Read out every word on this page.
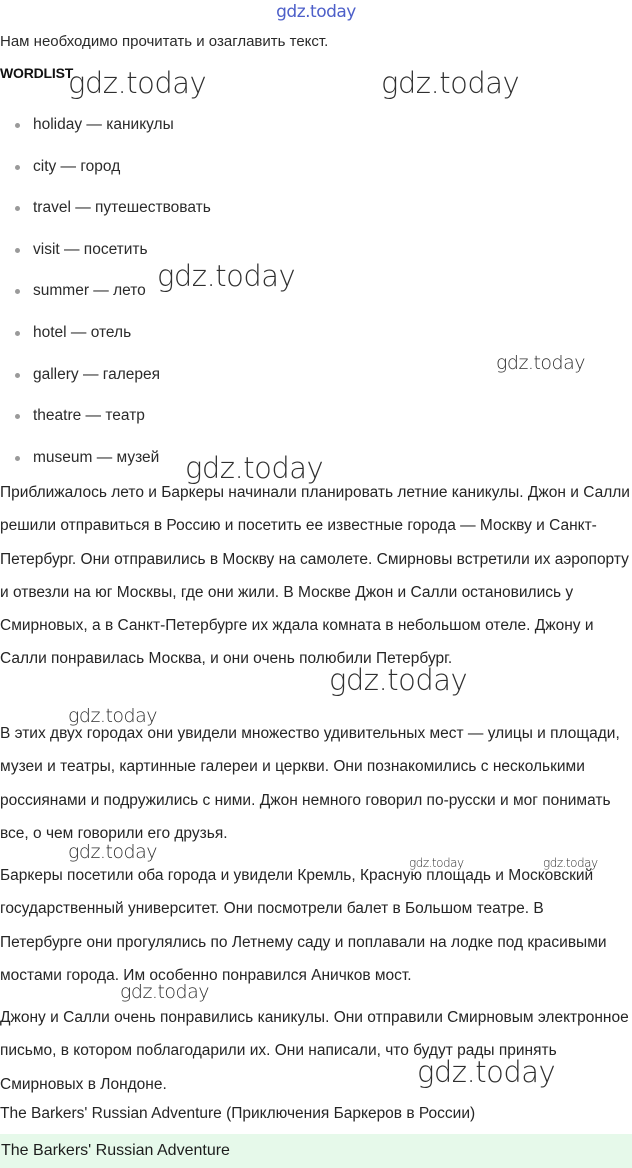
gdz.today
Нам необходимо прочитать и озаглавить текст.
WORDLIST
holiday — каникулы
city — город
travel — путешествовать
visit — посетить
summer — лето
hotel — отель
gallery — галерея
theatre — театр
museum — музей

Приближалось лето и Баркеры начинали планировать летние каникулы. Джон и Салли решили отправиться в Россию и посетить ее известные города — Москву и Санкт-Петербург. Они отправились в Москву на самолете. Смирновы встретили их аэропорту и отвезли на юг Москвы, где они жили. В Москве Джон и Салли остановились у Смирновых, а в Санкт-Петербурге их ждала комната в небольшом отеле. Джону и Салли понравилась Москва, и они очень полюбили Петербург.

В этих двух городах они увидели множество удивительных мест — улицы и площади, музеи и театры, картинные галереи и церкви. Они познакомились с несколькими россиянами и подружились с ними. Джон немного говорил по-русски и мог понимать все, о чем говорили его друзья.

Баркеры посетили оба города и увидели Кремль, Красную площадь и Московский государственный университет. Они посмотрели балет в Большом театре. В Петербурге они прогулялись по Летнему саду и поплавали на лодке под красивыми мостами города. Им особенно понравился Аничков мост.

Джону и Салли очень понравились каникулы. Они отправили Смирновым электронное письмо, в котором поблагодарили их. Они написали, что будут рады принять Смирновых в Лондоне.

The Barkers' Russian Adventure (Приключения Баркеров в России)
The Barkers' Russian Adventure
gdz.today	gdz.today
gdz.today
gdz.today
gdz.today
gdz.today
gdz.today
gdz.today	gdz.today	gdz.today
gdz.today
gdz.today
